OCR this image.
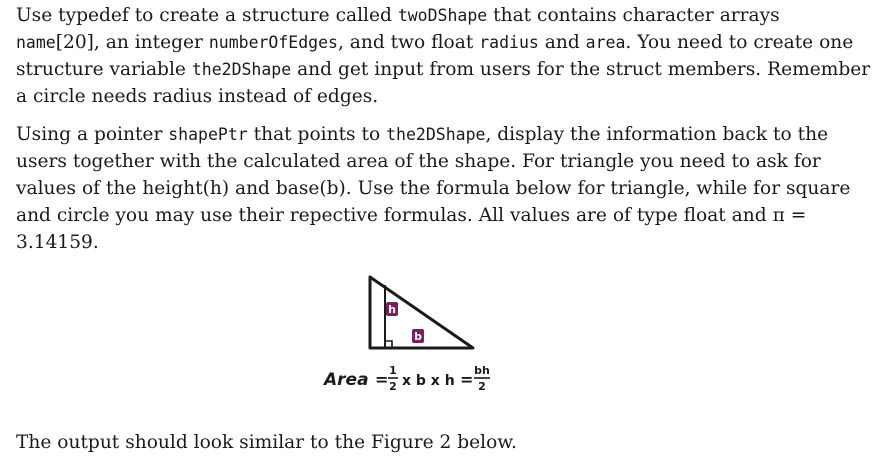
Use typedef to create a structure called twoDShape that contains character arrays
name[20], an integer numberOfEdges, and two float radius and area. You need to create one structure variable the2DShape and get input from users for the struct members. Remember a circle needs radius instead of edges.

Using a pointer shapePtr that points to the2DShape, display the information back to the users together with the calculated area of the shape. For triangle you need to ask for values of the height(h) and base(b). Use the formula below for triangle, while for square and circle you may use their repective formulas. All values are of type float and π = 3.14159.

h
b
Area = 1
2 x b x h = bh
2

The output should look similar to the Figure 2 below.
